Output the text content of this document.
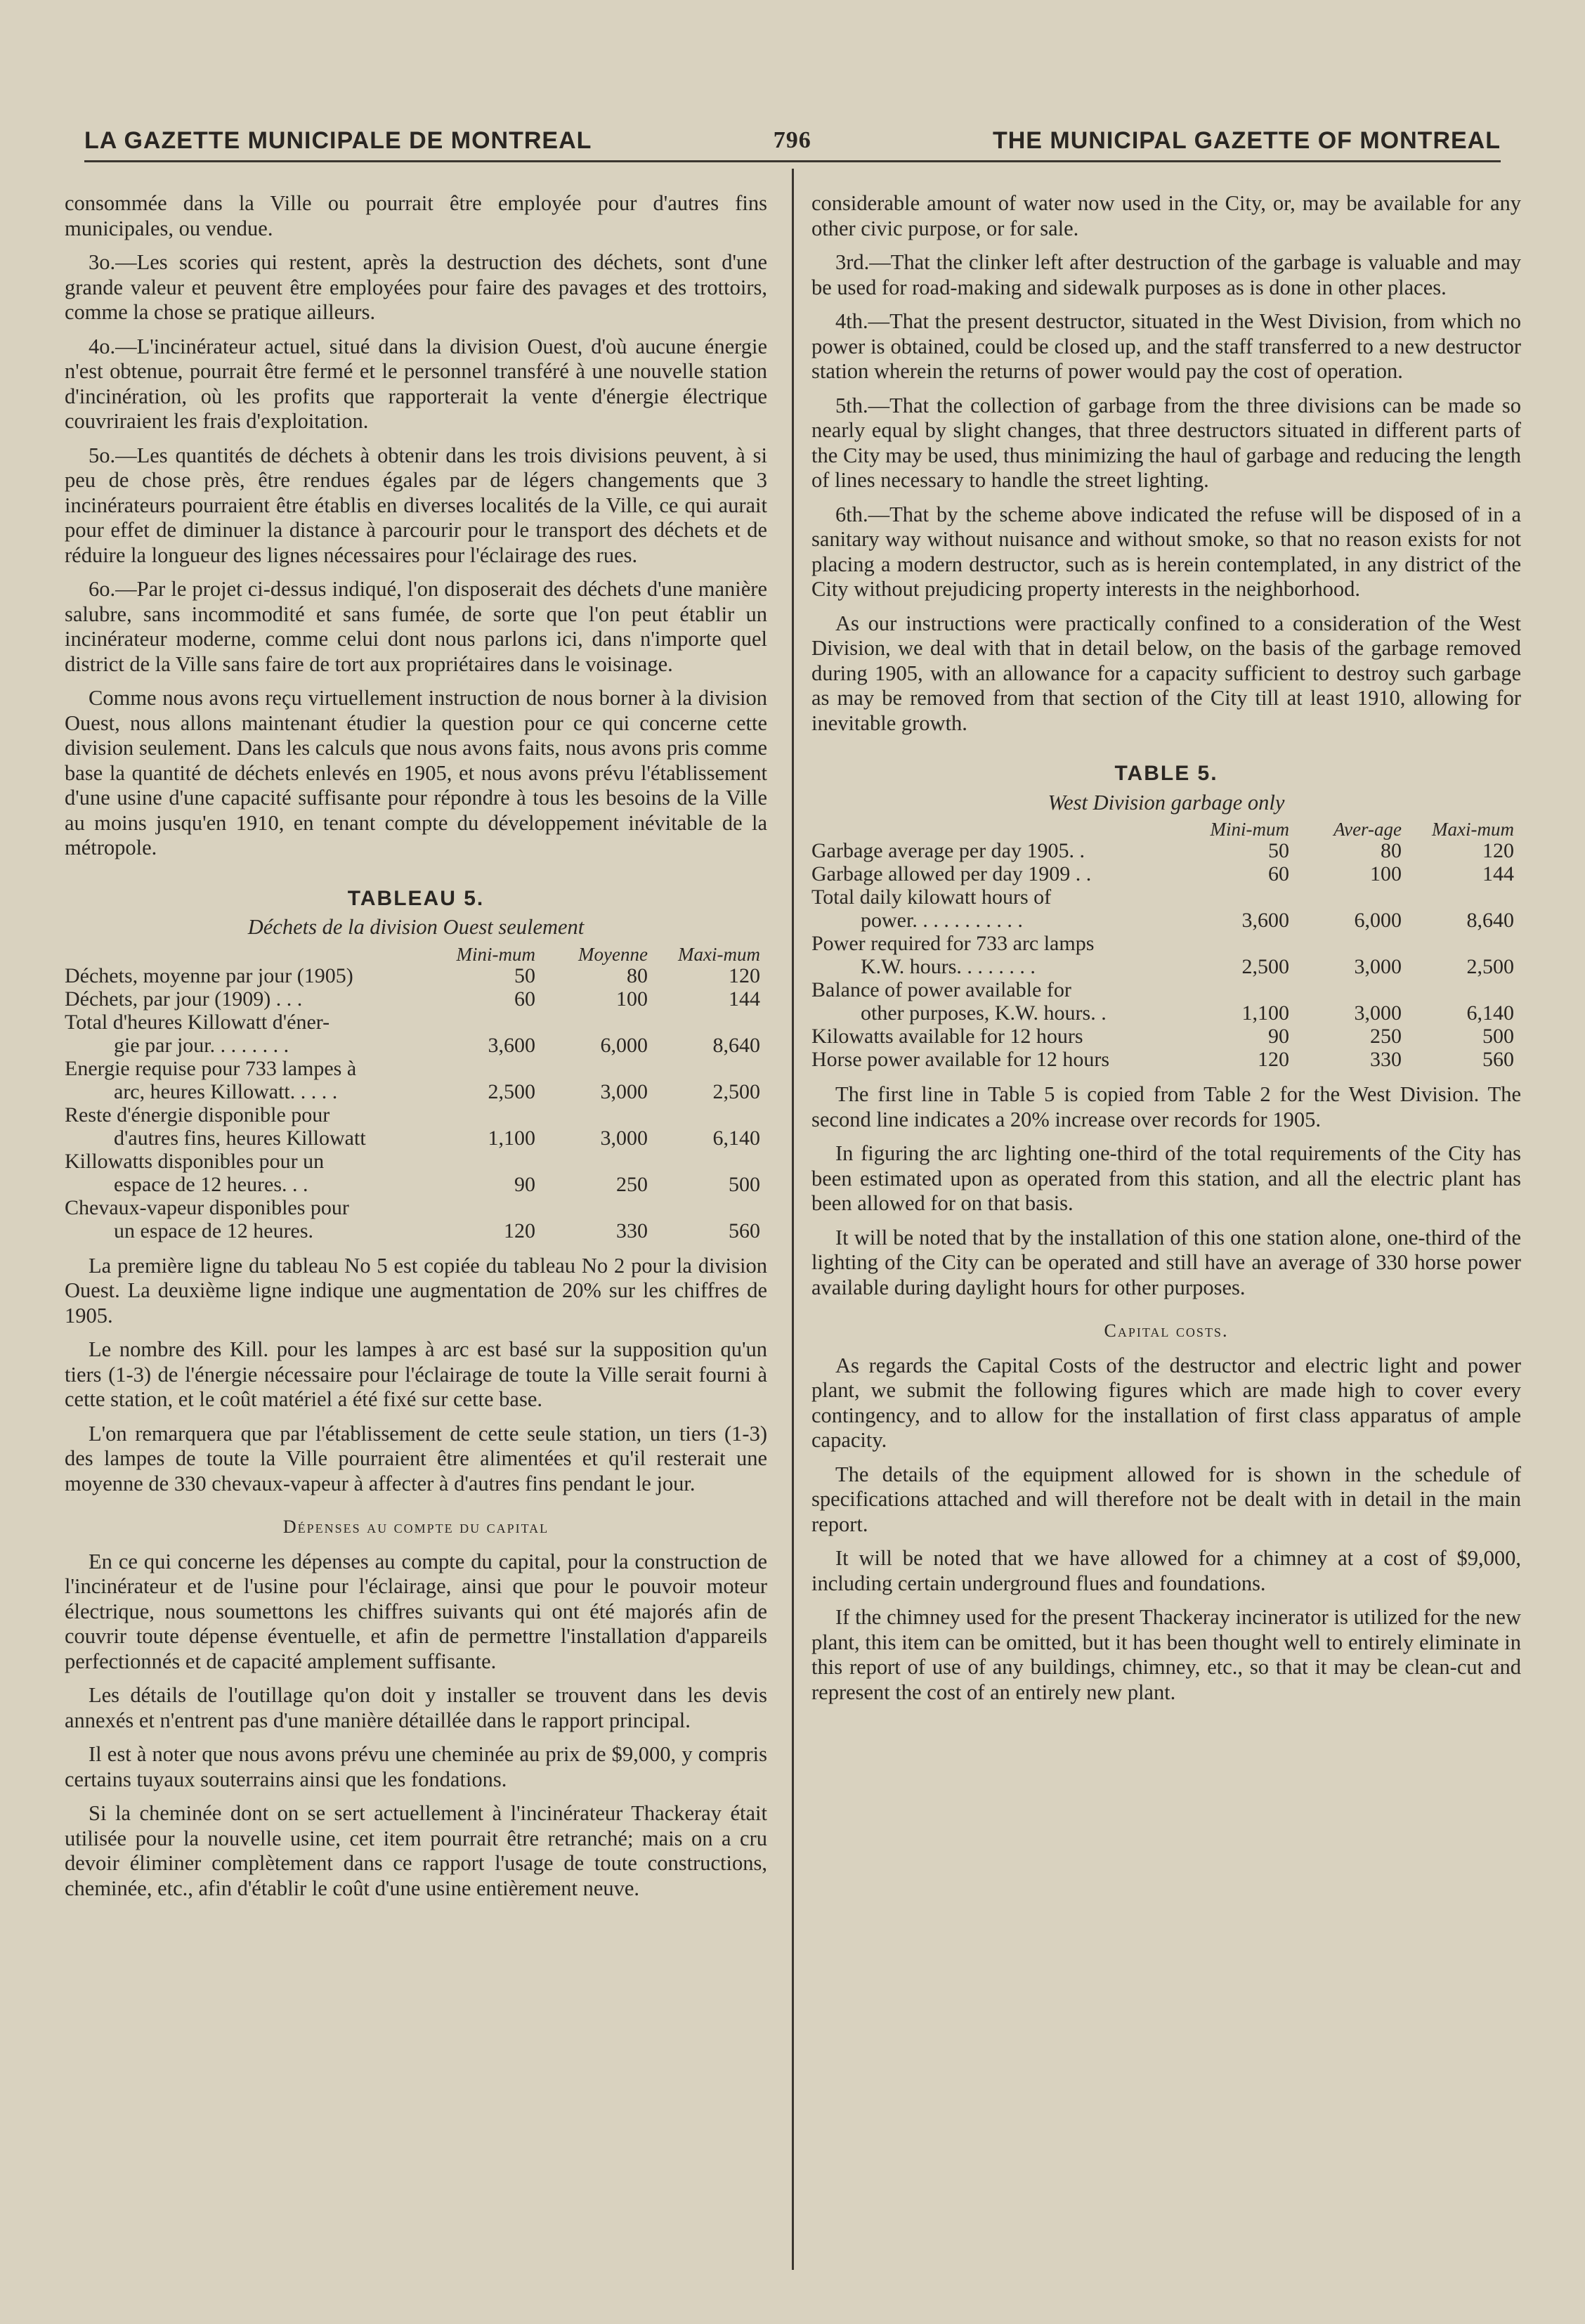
LA GAZETTE MUNICIPALE DE MONTREAL	796	THE MUNICIPAL GAZETTE OF MONTREAL

consommée dans la Ville ou pourrait être employée pour d'autres fins municipales, ou vendue.

3o.—Les scories qui restent, après la destruction des déchets, sont d'une grande valeur et peuvent être employées pour faire des pavages et des trottoirs, comme la chose se pratique ailleurs.

4o.—L'incinérateur actuel, situé dans la division Ouest, d'où aucune énergie n'est obtenue, pourrait être fermé et le personnel transféré à une nouvelle station d'incinération, où les profits que rapporterait la vente d'énergie électrique couvriraient les frais d'exploitation.

5o.—Les quantités de déchets à obtenir dans les trois divisions peuvent, à si peu de chose près, être rendues égales par de légers changements que 3 incinérateurs pourraient être établis en diverses localités de la Ville, ce qui aurait pour effet de diminuer la distance à parcourir pour le transport des déchets et de réduire la longueur des lignes nécessaires pour l'éclairage des rues.

6o.—Par le projet ci-dessus indiqué, l'on disposerait des déchets d'une manière salubre, sans incommodité et sans fumée, de sorte que l'on peut établir un incinérateur moderne, comme celui dont nous parlons ici, dans n'importe quel district de la Ville sans faire de tort aux propriétaires dans le voisinage.

Comme nous avons reçu virtuellement instruction de nous borner à la division Ouest, nous allons maintenant étudier la question pour ce qui concerne cette division seulement. Dans les calculs que nous avons faits, nous avons pris comme base la quantité de déchets enlevés en 1905, et nous avons prévu l'établissement d'une usine d'une capacité suffisante pour répondre à tous les besoins de la Ville au moins jusqu'en 1910, en tenant compte du développement inévitable de la métropole.

TABLEAU 5.
Déchets de la division Ouest seulement
	Mini-mum	Moyenne	Maxi-mum
Déchets, moyenne par jour (1905)	50	80	120
Déchets, par jour (1909) . . .	60	100	144
Total d'heures Killowatt d'éner-			
gie par jour. . . . . . . .	3,600	6,000	8,640
Energie requise pour 733 lampes à			
arc, heures Killowatt. . . . .	2,500	3,000	2,500
Reste d'énergie disponible pour			
d'autres fins, heures Killowatt	1,100	3,000	6,140
Killowatts disponibles pour un			
espace de 12 heures. . .	90	250	500
Chevaux-vapeur disponibles pour			
un espace de 12 heures.	120	330	560

La première ligne du tableau No 5 est copiée du tableau No 2 pour la division Ouest. La deuxième ligne indique une augmentation de 20% sur les chiffres de 1905.

Le nombre des Kill. pour les lampes à arc est basé sur la supposition qu'un tiers (1-3) de l'énergie nécessaire pour l'éclairage de toute la Ville serait fourni à cette station, et le coût matériel a été fixé sur cette base.

L'on remarquera que par l'établissement de cette seule station, un tiers (1-3) des lampes de toute la Ville pourraient être alimentées et qu'il resterait une moyenne de 330 chevaux-vapeur à affecter à d'autres fins pendant le jour.

Dépenses au compte du capital

En ce qui concerne les dépenses au compte du capital, pour la construction de l'incinérateur et de l'usine pour l'éclairage, ainsi que pour le pouvoir moteur électrique, nous soumettons les chiffres suivants qui ont été majorés afin de couvrir toute dépense éventuelle, et afin de permettre l'installation d'appareils perfectionnés et de capacité amplement suffisante.

Les détails de l'outillage qu'on doit y installer se trouvent dans les devis annexés et n'entrent pas d'une manière détaillée dans le rapport principal.

Il est à noter que nous avons prévu une cheminée au prix de $9,000, y compris certains tuyaux souterrains ainsi que les fondations.

Si la cheminée dont on se sert actuellement à l'incinérateur Thackeray était utilisée pour la nouvelle usine, cet item pourrait être retranché; mais on a cru devoir éliminer complètement dans ce rapport l'usage de toute constructions, cheminée, etc., afin d'établir le coût d'une usine entièrement neuve.

considerable amount of water now used in the City, or, may be available for any other civic purpose, or for sale.

3rd.—That the clinker left after destruction of the garbage is valuable and may be used for road-making and sidewalk purposes as is done in other places.

4th.—That the present destructor, situated in the West Division, from which no power is obtained, could be closed up, and the staff transferred to a new destructor station wherein the returns of power would pay the cost of operation.

5th.—That the collection of garbage from the three divisions can be made so nearly equal by slight changes, that three destructors situated in different parts of the City may be used, thus minimizing the haul of garbage and reducing the length of lines necessary to handle the street lighting.

6th.—That by the scheme above indicated the refuse will be disposed of in a sanitary way without nuisance and without smoke, so that no reason exists for not placing a modern destructor, such as is herein contemplated, in any district of the City without prejudicing property interests in the neighborhood.

As our instructions were practically confined to a consideration of the West Division, we deal with that in detail below, on the basis of the garbage removed during 1905, with an allowance for a capacity sufficient to destroy such garbage as may be removed from that section of the City till at least 1910, allowing for inevitable growth.

TABLE 5.
West Division garbage only
	Mini-mum	Aver-age	Maxi-mum
Garbage average per day 1905. .	50	80	120
Garbage allowed per day 1909 . .	60	100	144
Total daily kilowatt hours of			
power. . . . . . . . . . .	3,600	6,000	8,640
Power required for 733 arc lamps			
K.W. hours. . . . . . . .	2,500	3,000	2,500
Balance of power available for			
other purposes, K.W. hours. .	1,100	3,000	6,140
Kilowatts available for 12 hours	90	250	500
Horse power available for 12 hours	120	330	560

The first line in Table 5 is copied from Table 2 for the West Division. The second line indicates a 20% increase over records for 1905.

In figuring the arc lighting one-third of the total requirements of the City has been estimated upon as operated from this station, and all the electric plant has been allowed for on that basis.

It will be noted that by the installation of this one station alone, one-third of the lighting of the City can be operated and still have an average of 330 horse power available during daylight hours for other purposes.

Capital costs.

As regards the Capital Costs of the destructor and electric light and power plant, we submit the following figures which are made high to cover every contingency, and to allow for the installation of first class apparatus of ample capacity.

The details of the equipment allowed for is shown in the schedule of specifications attached and will therefore not be dealt with in detail in the main report.

It will be noted that we have allowed for a chimney at a cost of $9,000, including certain underground flues and foundations.

If the chimney used for the present Thackeray incinerator is utilized for the new plant, this item can be omitted, but it has been thought well to entirely eliminate in this report of use of any buildings, chimney, etc., so that it may be clean-cut and represent the cost of an entirely new plant.
